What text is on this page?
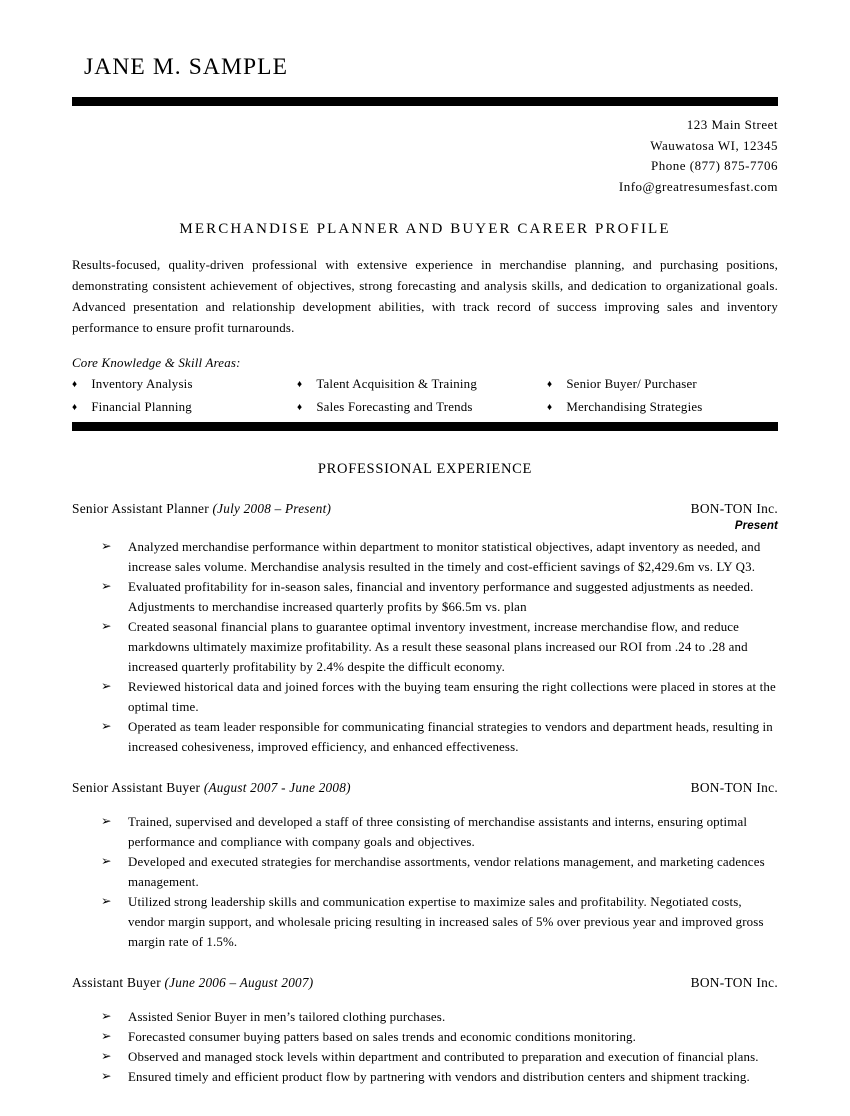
JANE M. SAMPLE
123 Main Street
Wauwatosa WI, 12345
Phone (877) 875-7706
Info@greatresumesfast.com
MERCHANDISE PLANNER AND BUYER CAREER PROFILE

Results-focused, quality-driven professional with extensive experience in merchandise planning, and purchasing positions, demonstrating consistent achievement of objectives, strong forecasting and analysis skills, and dedication to organizational goals. Advanced presentation and relationship development abilities, with track record of success improving sales and inventory performance to ensure profit turnarounds.

Core Knowledge & Skill Areas:
♦ Inventory Analysis	♦ Talent Acquisition & Training	♦ Senior Buyer/ Purchaser
♦ Financial Planning	♦ Sales Forecasting and Trends	♦ Merchandising Strategies
PROFESSIONAL EXPERIENCE
Senior Assistant Planner (July 2008 – Present)	BON-TON Inc.
Present
➢	Analyzed merchandise performance within department to monitor statistical objectives, adapt inventory as needed, and increase sales volume. Merchandise analysis resulted in the timely and cost-efficient savings of $2,429.6m vs. LY Q3.
➢	Evaluated profitability for in-season sales, financial and inventory performance and suggested adjustments as needed. Adjustments to merchandise increased quarterly profits by $66.5m vs. plan
➢	Created seasonal financial plans to guarantee optimal inventory investment, increase merchandise flow, and reduce markdowns ultimately maximize profitability. As a result these seasonal plans increased our ROI from .24 to .28 and increased quarterly profitability by 2.4% despite the difficult economy.
➢	Reviewed historical data and joined forces with the buying team ensuring the right collections were placed in stores at the optimal time.
➢	Operated as team leader responsible for communicating financial strategies to vendors and department heads, resulting in increased cohesiveness, improved efficiency, and enhanced effectiveness.
Senior Assistant Buyer (August 2007 - June 2008)	BON-TON Inc.
➢	Trained, supervised and developed a staff of three consisting of merchandise assistants and interns, ensuring optimal performance and compliance with company goals and objectives.
➢	Developed and executed strategies for merchandise assortments, vendor relations management, and marketing cadences management.
➢	Utilized strong leadership skills and communication expertise to maximize sales and profitability. Negotiated costs, vendor margin support, and wholesale pricing resulting in increased sales of 5% over previous year and improved gross margin rate of 1.5%.
Assistant Buyer (June 2006 – August 2007)	BON-TON Inc.
➢	Assisted Senior Buyer in men’s tailored clothing purchases.
➢	Forecasted consumer buying patters based on sales trends and economic conditions monitoring.
➢	Observed and managed stock levels within department and contributed to preparation and execution of financial plans.
➢	Ensured timely and efficient product flow by partnering with vendors and distribution centers and shipment tracking.
